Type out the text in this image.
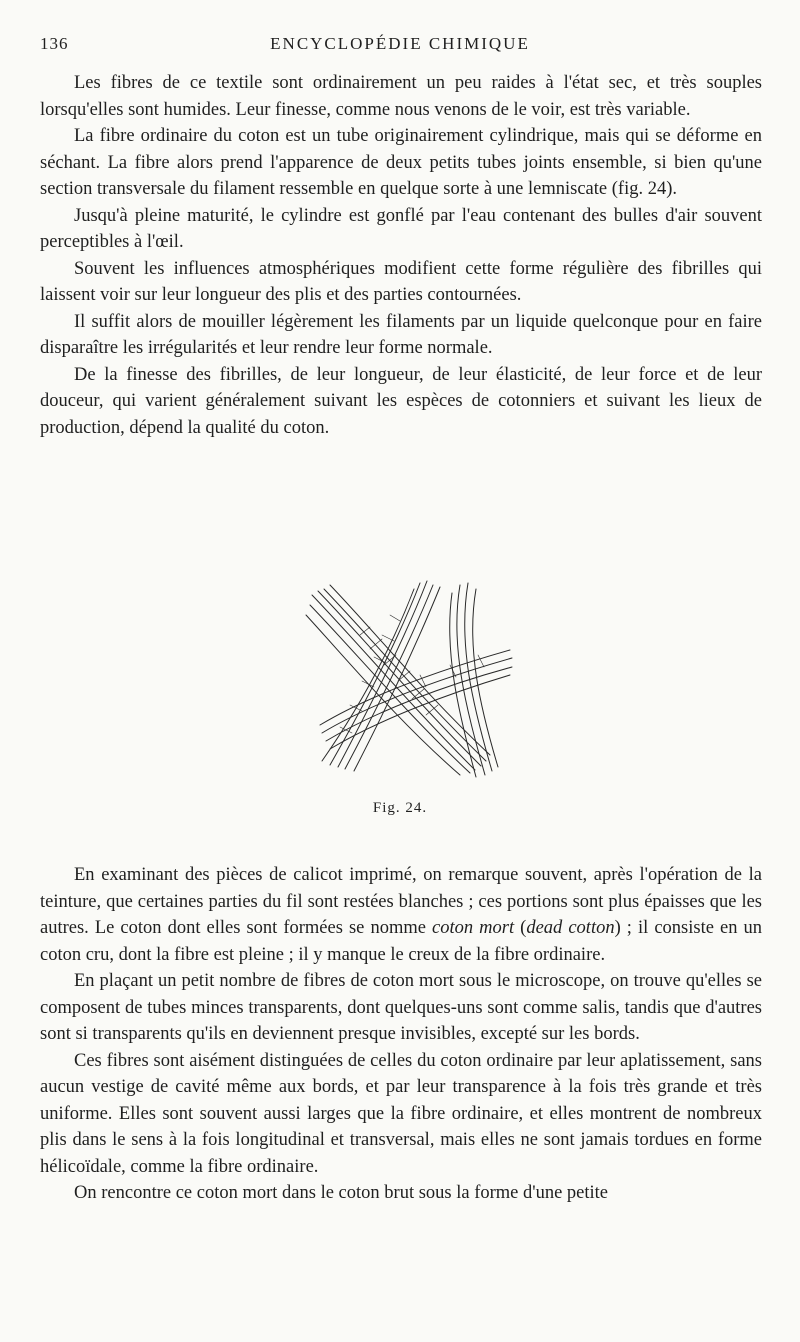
136	ENCYCLOPÉDIE CHIMIQUE

Les fibres de ce textile sont ordinairement un peu raides à l'état sec, et très souples lorsqu'elles sont humides. Leur finesse, comme nous venons de le voir, est très variable.

La fibre ordinaire du coton est un tube originairement cylindrique, mais qui se déforme en séchant. La fibre alors prend l'apparence de deux petits tubes joints ensemble, si bien qu'une section transversale du filament ressemble en quelque sorte à une lemniscate (fig. 24).

Jusqu'à pleine maturité, le cylindre est gonflé par l'eau contenant des bulles d'air souvent perceptibles à l'œil.

Souvent les influences atmosphériques modifient cette forme régulière des fibrilles qui laissent voir sur leur longueur des plis et des parties contournées.

Il suffit alors de mouiller légèrement les filaments par un liquide quelconque pour en faire disparaître les irrégularités et leur rendre leur forme normale.

De la finesse des fibrilles, de leur longueur, de leur élasticité, de leur force et de leur douceur, qui varient généralement suivant les espèces de cotonniers et suivant les lieux de production, dépend la qualité du coton.

Fig. 24.

En examinant des pièces de calicot imprimé, on remarque souvent, après l'opération de la teinture, que certaines parties du fil sont restées blanches ; ces portions sont plus épaisses que les autres. Le coton dont elles sont formées se nomme coton mort (dead cotton) ; il consiste en un coton cru, dont la fibre est pleine ; il y manque le creux de la fibre ordinaire.

En plaçant un petit nombre de fibres de coton mort sous le microscope, on trouve qu'elles se composent de tubes minces transparents, dont quelques-uns sont comme salis, tandis que d'autres sont si transparents qu'ils en deviennent presque invisibles, excepté sur les bords.

Ces fibres sont aisément distinguées de celles du coton ordinaire par leur aplatissement, sans aucun vestige de cavité même aux bords, et par leur transparence à la fois très grande et très uniforme. Elles sont souvent aussi larges que la fibre ordinaire, et elles montrent de nombreux plis dans le sens à la fois longitudinal et transversal, mais elles ne sont jamais tordues en forme hélicoïdale, comme la fibre ordinaire.

On rencontre ce coton mort dans le coton brut sous la forme d'une petite
